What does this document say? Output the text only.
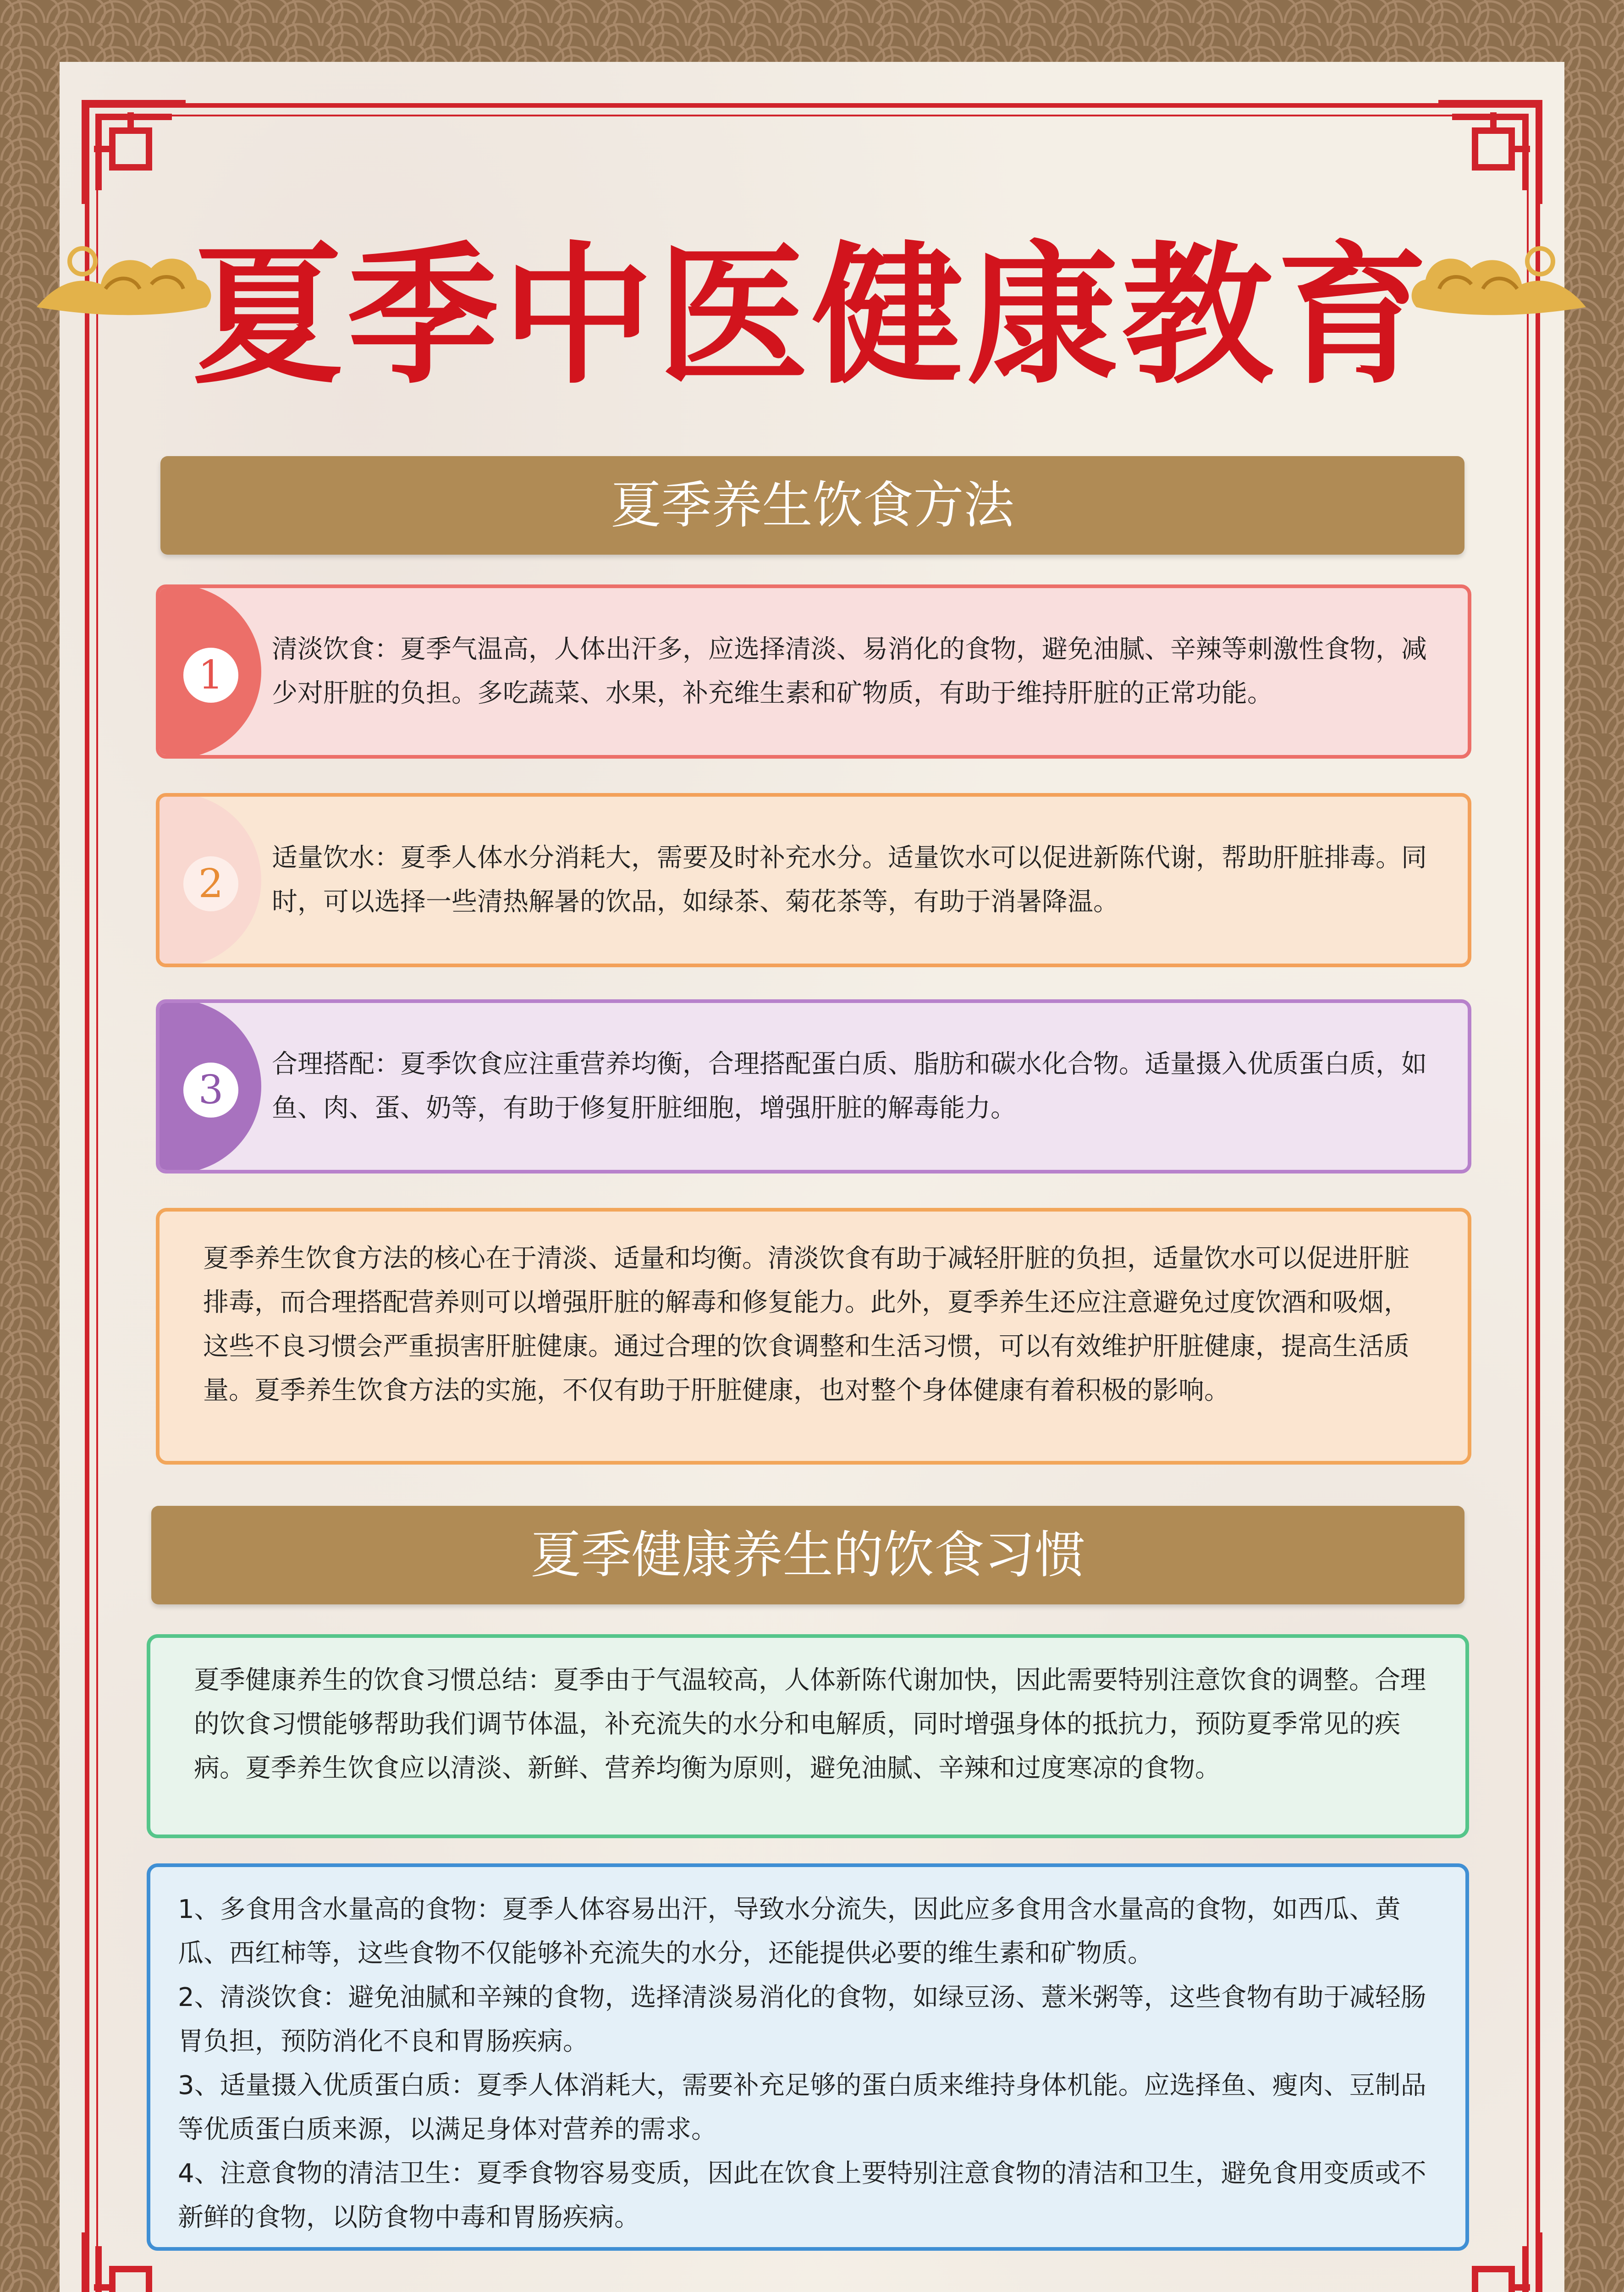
夏季中医健康教育
夏季养生饮食方法
1
清淡饮食：夏季气温高，人体出汗多，应选择清淡、易消化的食物，避免油腻、辛辣等刺激性食物，减少对肝脏的负担。多吃蔬菜、水果，补充维生素和矿物质，有助于维持肝脏的正常功能。
2
适量饮水：夏季人体水分消耗大，需要及时补充水分。适量饮水可以促进新陈代谢，帮助肝脏排毒。同时，可以选择一些清热解暑的饮品，如绿茶、菊花茶等，有助于消暑降温。
3
合理搭配：夏季饮食应注重营养均衡，合理搭配蛋白质、脂肪和碳水化合物。适量摄入优质蛋白质，如鱼、肉、蛋、奶等，有助于修复肝脏细胞，增强肝脏的解毒能力。

夏季养生饮食方法的核心在于清淡、适量和均衡。清淡饮食有助于减轻肝脏的负担，适量饮水可以促进肝脏排毒，而合理搭配营养则可以增强肝脏的解毒和修复能力。此外，夏季养生还应注意避免过度饮酒和吸烟，这些不良习惯会严重损害肝脏健康。通过合理的饮食调整和生活习惯，可以有效维护肝脏健康，提高生活质量。夏季养生饮食方法的实施，不仅有助于肝脏健康，也对整个身体健康有着积极的影响。

夏季健康养生的饮食习惯

夏季健康养生的饮食习惯总结：夏季由于气温较高，人体新陈代谢加快，因此需要特别注意饮食的调整。合理的饮食习惯能够帮助我们调节体温，补充流失的水分和电解质，同时增强身体的抵抗力，预防夏季常见的疾病。夏季养生饮食应以清淡、新鲜、营养均衡为原则，避免油腻、辛辣和过度寒凉的食物。

1、多食用含水量高的食物：夏季人体容易出汗，导致水分流失，因此应多食用含水量高的食物，如西瓜、黄瓜、西红柿等，这些食物不仅能够补充流失的水分，还能提供必要的维生素和矿物质。

2、清淡饮食：避免油腻和辛辣的食物，选择清淡易消化的食物，如绿豆汤、薏米粥等，这些食物有助于减轻肠胃负担，预防消化不良和胃肠疾病。

3、适量摄入优质蛋白质：夏季人体消耗大，需要补充足够的蛋白质来维持身体机能。应选择鱼、瘦肉、豆制品等优质蛋白质来源，以满足身体对营养的需求。

4、注意食物的清洁卫生：夏季食物容易变质，因此在饮食上要特别注意食物的清洁和卫生，避免食用变质或不新鲜的食物，以防食物中毒和胃肠疾病。
